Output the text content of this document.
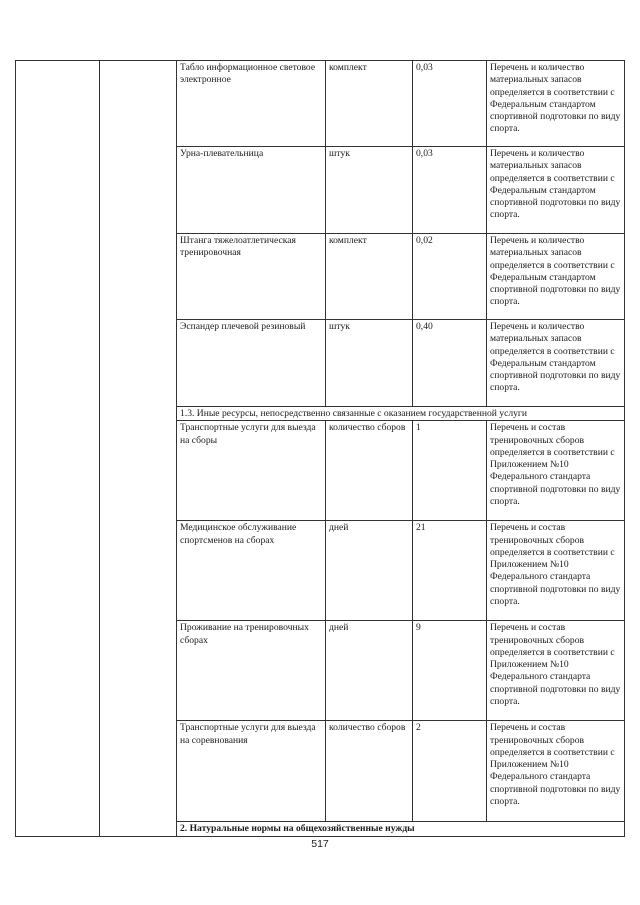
		Табло информационное световое электронное	комплект	0,03	Перечень и количество материальных запасов определяется в соответствии с Федеральным стандартом спортивной подготовки по виду спорта.
		Урна-плевательница	штук	0,03	Перечень и количество материальных запасов определяется в соответствии с Федеральным стандартом спортивной подготовки по виду спорта.
		Штанга тяжелоатлетическая тренировочная	комплект	0,02	Перечень и количество материальных запасов определяется в соответствии с Федеральным стандартом спортивной подготовки по виду спорта.
		Эспандер плечевой резиновый	штук	0,40	Перечень и количество материальных запасов определяется в соответствии с Федеральным стандартом спортивной подготовки по виду спорта.
		1.3. Иные ресурсы, непосредственно связанные с оказанием государственной услуги			
		Транспортные услуги для выезда на сборы	количество сборов	1	Перечень и состав тренировочных сборов определяется в соответствии с Приложением №10 Федерального стандарта спортивной подготовки по виду спорта.
		Медицинское обслуживание спортсменов на сборах	дней	21	Перечень и состав тренировочных сборов определяется в соответствии с Приложением №10 Федерального стандарта спортивной подготовки по виду спорта.
		Проживание на тренировочных сборах	дней	9	Перечень и состав тренировочных сборов определяется в соответствии с Приложением №10 Федерального стандарта спортивной подготовки по виду спорта.
		Транспортные услуги для выезда на соревнования	количество сборов	2	Перечень и состав тренировочных сборов определяется в соответствии с Приложением №10 Федерального стандарта спортивной подготовки по виду спорта.
		2. Натуральные нормы на общехозяйственные нужды			
517
